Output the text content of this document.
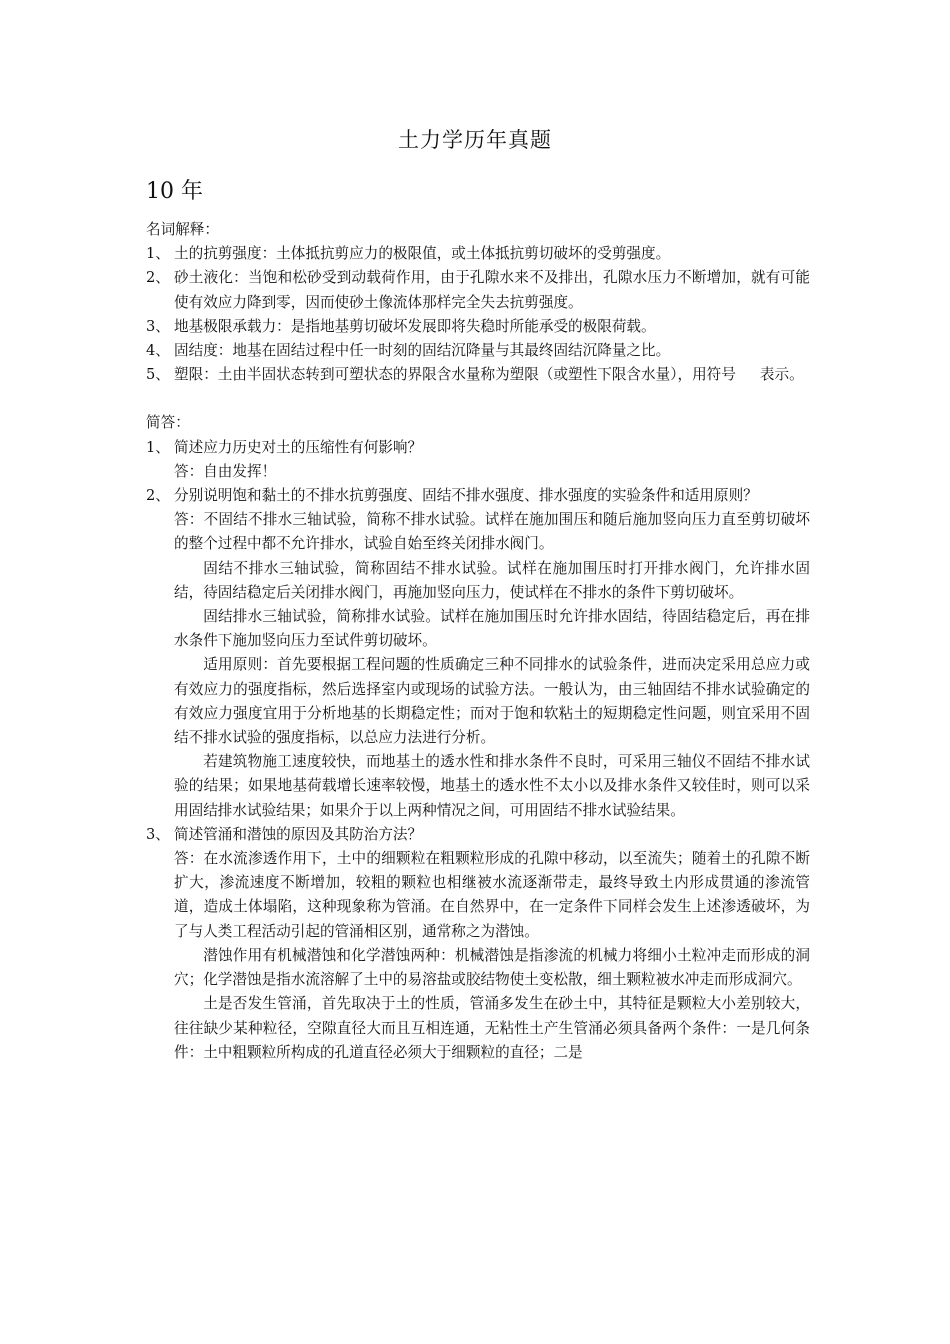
土力学历年真题
10 年
名词解释：
1、 土的抗剪强度：土体抵抗剪应力的极限值，或土体抵抗剪切破坏的受剪强度。
2、 砂土液化：当饱和松砂受到动载荷作用，由于孔隙水来不及排出，孔隙水压力不断增加，就有可能使有效应力降到零，因而使砂土像流体那样完全失去抗剪强度。
3、 地基极限承载力：是指地基剪切破坏发展即将失稳时所能承受的极限荷载。
4、 固结度：地基在固结过程中任一时刻的固结沉降量与其最终固结沉降量之比。
5、 塑限：土由半固状态转到可塑状态的界限含水量称为塑限（或塑性下限含水量），用符号 表示。
简答：
1、 简述应力历史对土的压缩性有何影响？
答：自由发挥！
2、 分别说明饱和黏土的不排水抗剪强度、固结不排水强度、排水强度的实验条件和适用原则？
答：不固结不排水三轴试验，简称不排水试验。试样在施加围压和随后施加竖向压力直至剪切破坏的整个过程中都不允许排水，试验自始至终关闭排水阀门。
固结不排水三轴试验，简称固结不排水试验。试样在施加围压时打开排水阀门，允许排水固结，待固结稳定后关闭排水阀门，再施加竖向压力，使试样在不排水的条件下剪切破坏。
固结排水三轴试验，简称排水试验。试样在施加围压时允许排水固结，待固结稳定后，再在排水条件下施加竖向压力至试件剪切破坏。
适用原则：首先要根据工程问题的性质确定三种不同排水的试验条件，进而决定采用总应力或有效应力的强度指标，然后选择室内或现场的试验方法。一般认为，由三轴固结不排水试验确定的有效应力强度宜用于分析地基的长期稳定性；而对于饱和软粘土的短期稳定性问题，则宜采用不固结不排水试验的强度指标，以总应力法进行分析。
若建筑物施工速度较快，而地基土的透水性和排水条件不良时，可采用三轴仪不固结不排水试验的结果；如果地基荷载增长速率较慢，地基土的透水性不太小以及排水条件又较佳时，则可以采用固结排水试验结果；如果介于以上两种情况之间，可用固结不排水试验结果。
3、 简述管涌和潜蚀的原因及其防治方法？
答：在水流渗透作用下，土中的细颗粒在粗颗粒形成的孔隙中移动，以至流失；随着土的孔隙不断扩大，渗流速度不断增加，较粗的颗粒也相继被水流逐渐带走，最终导致土内形成贯通的渗流管道，造成土体塌陷，这种现象称为管涌。在自然界中，在一定条件下同样会发生上述渗透破坏，为了与人类工程活动引起的管涌相区别，通常称之为潜蚀。
潜蚀作用有机械潜蚀和化学潜蚀两种：机械潜蚀是指渗流的机械力将细小土粒冲走而形成的洞穴；化学潜蚀是指水流溶解了土中的易溶盐或胶结物使土变松散，细土颗粒被水冲走而形成洞穴。
土是否发生管涌，首先取决于土的性质，管涌多发生在砂土中，其特征是颗粒大小差别较大，往往缺少某种粒径，空隙直径大而且互相连通，无粘性土产生管涌必须具备两个条件：一是几何条件：土中粗颗粒所构成的孔道直径必须大于细颗粒的直径；二是
